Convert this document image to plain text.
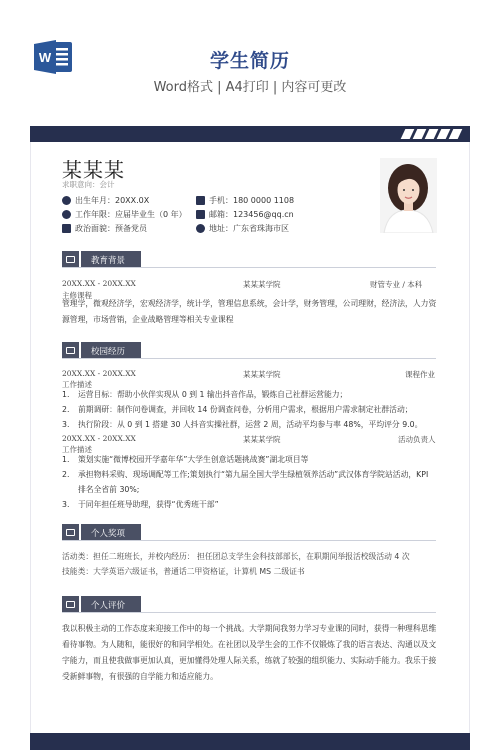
W	学生简历
Word格式 | A4打印 | 内容可更改
某某某
求职意向：会计
出生年月：20XX.0X	手机：180 0000 1108
工作年限：应届毕业生（0 年）	邮箱：123456@qq.cn
政治面貌：预备党员	地址：广东省珠海市区
教育背景
20XX.XX - 20XX.XX	某某某学院	财管专业 / 本科
主修课程
管理学，微观经济学，宏观经济学，统计学，管理信息系统，会计学，财务管理，公司理财，经济法，人力资源管理，市场营销，企业战略管理等相关专业课程
校园经历
20XX.XX - 20XX.XX	某某某学院	课程作业
工作描述
1.	运营目标：帮助小伙伴实现从 0 到 1 输出抖音作品，锻炼自己社群运营能力；
2.	前期调研：制作问卷调查，并回收 14 份调查问卷，分析用户需求，根据用户需求制定社群活动；
3.	执行阶段：从 0 到 1 搭建 30 人抖音实操社群，运营 2 周，活动平均参与率 48%，平均评分 9.0。
20XX.XX - 20XX.XX	某某某学院	活动负责人
工作描述
1.	策划实施“微博校园开学嘉年华”大学生创意话题挑战赛”湖北项目等
2.	承担物料采购、现场调配等工作;策划执行“第九届全国大学生绿植领养活动”武汉体育学院站活动，KPI 排名全省前 30%;
3.	于同年担任班导助理，获得“优秀班干部”
个人奖项
活动类：担任二班班长，并校内经历： 担任团总支学生会科技部部长，在职期间举报活校级活动 4 次
技能类：大学英语六级证书，普通话二甲资格证，计算机 MS 二级证书
个人评价
我以积极主动的工作态度来迎接工作中的每一个挑战。大学期间我努力学习专业课的同时，获得一种理科思维看待事物。为人随和，能很好的和同学相处。在社团以及学生会的工作不仅锻炼了我的语言表达、沟通以及文字能力，而且使我做事更加认真，更加懂得处理人际关系，练就了较强的组织能力、实际动手能力。我乐于接受新鲜事物，有很强的自学能力和适应能力。
